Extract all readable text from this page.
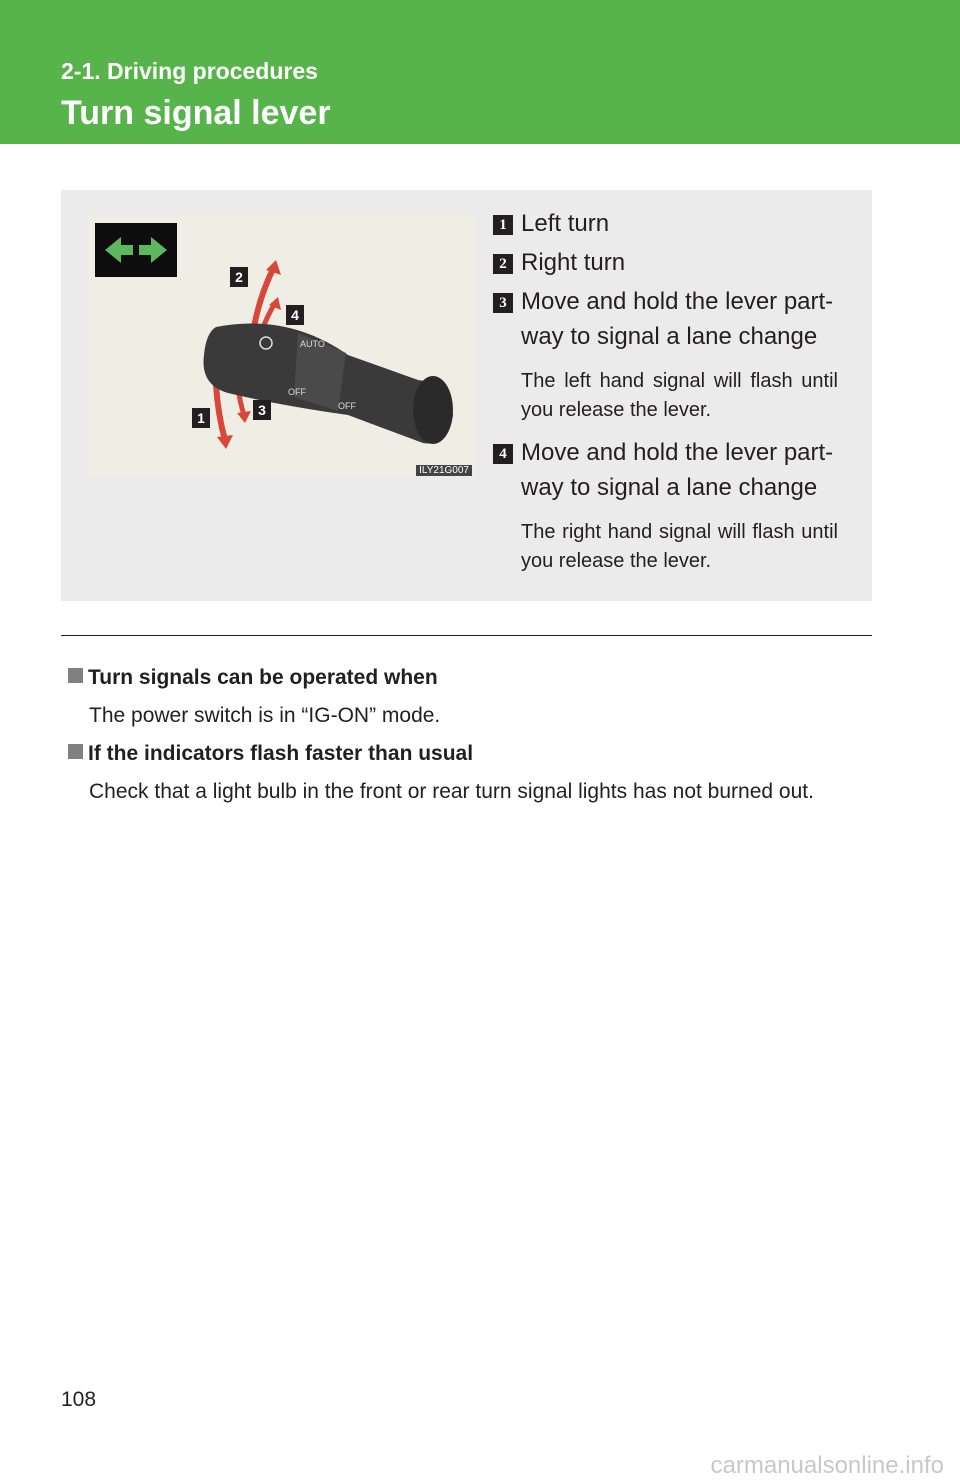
2-1. Driving procedures
Turn signal lever
AUTO
OFF
OFF
2
4
1	3
ILY21G007
1 Left turn
2 Right turn
3 Move and hold the lever part-way to signal a lane change
The left hand signal will flash until you release the lever.
4 Move and hold the lever part-way to signal a lane change
The right hand signal will flash until you release the lever.
Turn signals can be operated when
The power switch is in “IG-ON” mode.
If the indicators flash faster than usual
Check that a light bulb in the front or rear turn signal lights has not burned out.
108
carmanualsonline.info
